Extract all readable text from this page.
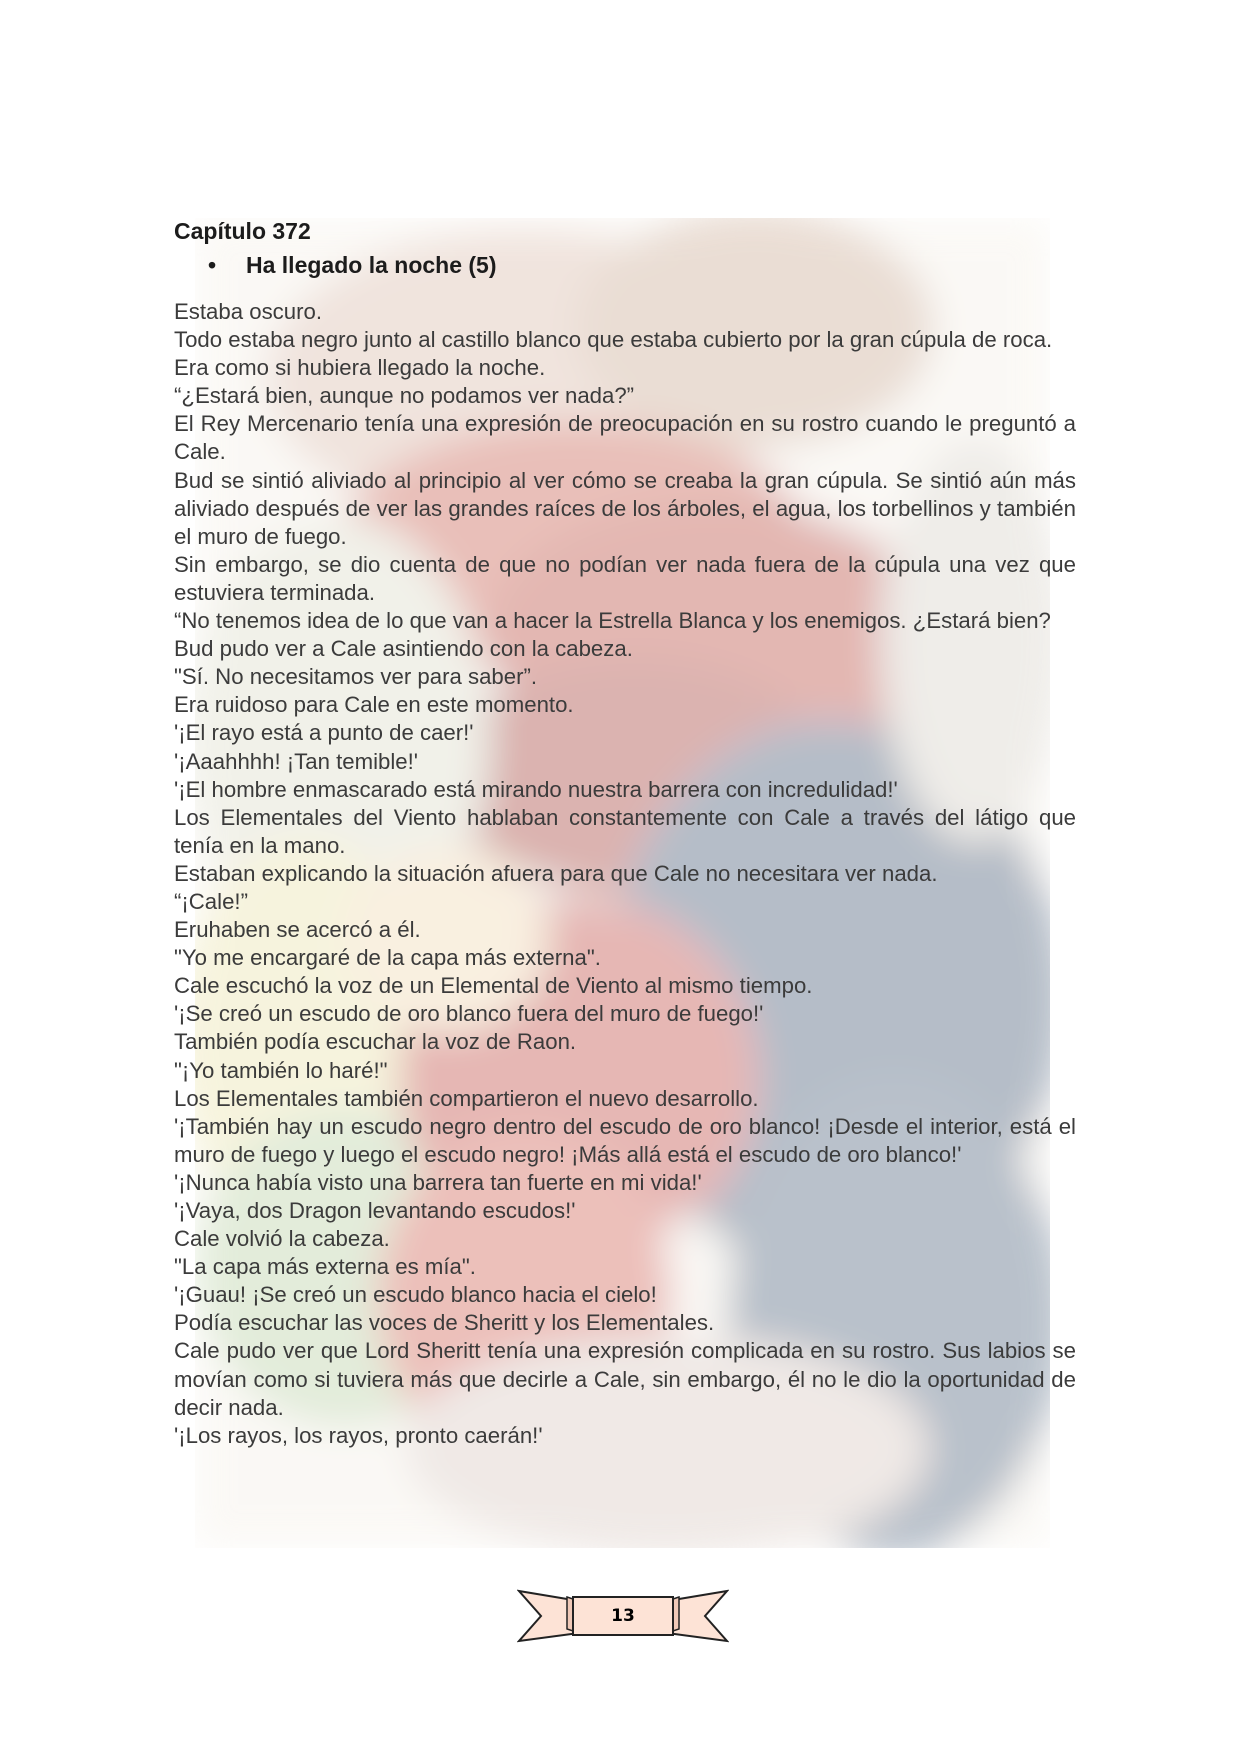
Capítulo 372
• Ha llegado la noche (5)

Estaba oscuro.

Todo estaba negro junto al castillo blanco que estaba cubierto por la gran cúpula de roca.

Era como si hubiera llegado la noche.

“¿Estará bien, aunque no podamos ver nada?”

El Rey Mercenario tenía una expresión de preocupación en su rostro cuando le preguntó a Cale.

Bud se sintió aliviado al principio al ver cómo se creaba la gran cúpula. Se sintió aún más aliviado después de ver las grandes raíces de los árboles, el agua, los torbellinos y también el muro de fuego.

Sin embargo, se dio cuenta de que no podían ver nada fuera de la cúpula una vez que estuviera terminada.

“No tenemos idea de lo que van a hacer la Estrella Blanca y los enemigos. ¿Estará bien?

Bud pudo ver a Cale asintiendo con la cabeza.

"Sí. No necesitamos ver para saber”.

Era ruidoso para Cale en este momento.

'¡El rayo está a punto de caer!'

'¡Aaahhhh! ¡Tan temible!'

'¡El hombre enmascarado está mirando nuestra barrera con incredulidad!'

Los Elementales del Viento hablaban constantemente con Cale a través del látigo que tenía en la mano.

Estaban explicando la situación afuera para que Cale no necesitara ver nada.

“¡Cale!”

Eruhaben se acercó a él.

"Yo me encargaré de la capa más externa".

Cale escuchó la voz de un Elemental de Viento al mismo tiempo.

'¡Se creó un escudo de oro blanco fuera del muro de fuego!'

También podía escuchar la voz de Raon.

"¡Yo también lo haré!"

Los Elementales también compartieron el nuevo desarrollo.

'¡También hay un escudo negro dentro del escudo de oro blanco! ¡Desde el interior, está el muro de fuego y luego el escudo negro! ¡Más allá está el escudo de oro blanco!'

'¡Nunca había visto una barrera tan fuerte en mi vida!'

'¡Vaya, dos Dragon levantando escudos!'

Cale volvió la cabeza.

"La capa más externa es mía".

'¡Guau! ¡Se creó un escudo blanco hacia el cielo!

Podía escuchar las voces de Sheritt y los Elementales.

Cale pudo ver que Lord Sheritt tenía una expresión complicada en su rostro. Sus labios se movían como si tuviera más que decirle a Cale, sin embargo, él no le dio la oportunidad de decir nada.

'¡Los rayos, los rayos, pronto caerán!'

13
